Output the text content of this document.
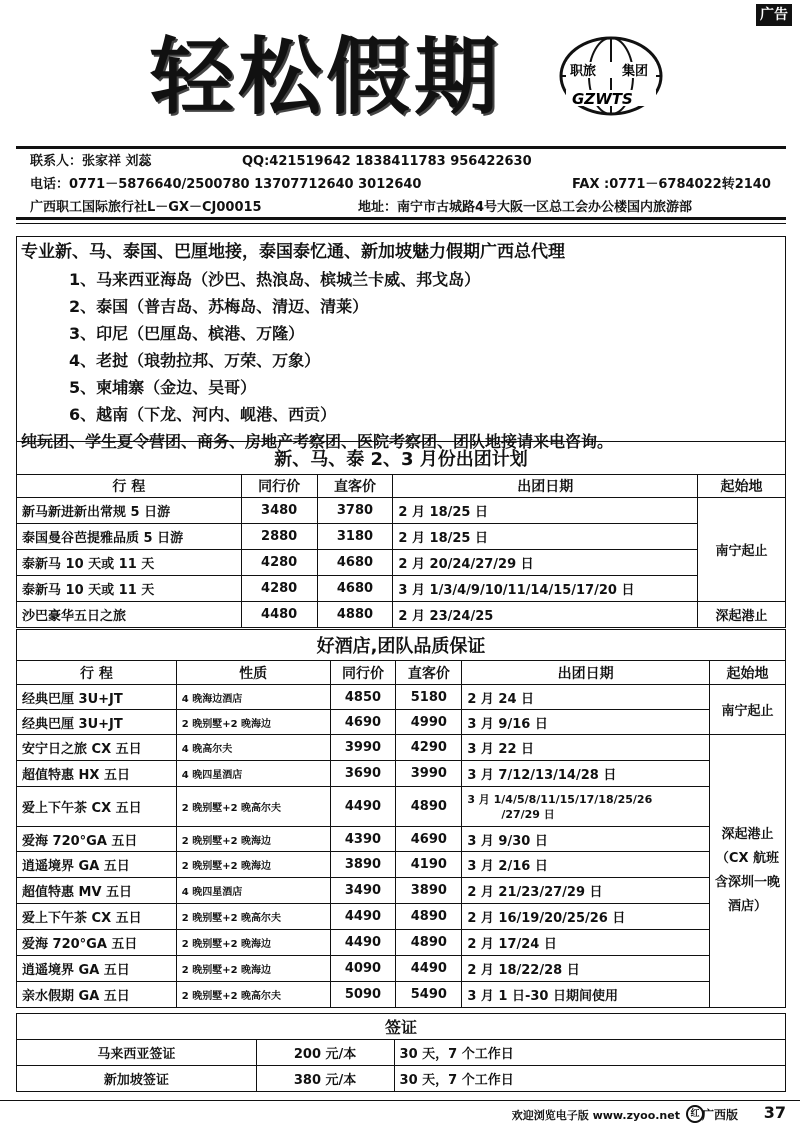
广告
轻松假期	职旅 集团
GZWTS
联系人：张家祥 刘蕊	QQ:421519642 1838411783 956422630
电话：0771－5876640/2500780 13707712640 3012640	FAX :0771－6784022转2140
广西职工国际旅行社L－GX－CJ00015	地址：南宁市古城路4号大阪一区总工会办公楼国内旅游部
专业新、马、泰国、巴厘地接，泰国泰忆通、新加坡魅力假期广西总代理
1、马来西亚海岛（沙巴、热浪岛、槟城兰卡威、邦戈岛）
2、泰国（普吉岛、苏梅岛、清迈、清莱）
3、印尼（巴厘岛、槟港、万隆）
4、老挝（琅勃拉邦、万荣、万象）
5、柬埔寨（金边、吴哥）
6、越南（下龙、河内、岘港、西贡）
纯玩团、学生夏令营团、商务、房地产考察团、医院考察团、团队地接请来电咨询。
新、马、泰 2、3 月份出团计划				
行 程	同行价	直客价	出团日期	起始地
新马新进新出常规 5 日游	3480	3780	2 月 18/25 日	南宁起止
泰国曼谷芭提雅品质 5 日游	2880	3180	2 月 18/25 日	
泰新马 10 天或 11 天	4280	4680	2 月 20/24/27/29 日	
泰新马 10 天或 11 天	4280	4680	3 月 1/3/4/9/10/11/14/15/17/20 日	
沙巴豪华五日之旅	4480	4880	2 月 23/24/25	深起港止
好酒店,团队品质保证					
行 程	性质	同行价	直客价	出团日期	起始地
经典巴厘 3U+JT	4 晚海边酒店	4850	5180	2 月 24 日	南宁起止
经典巴厘 3U+JT	2 晚别墅+2 晚海边	4690	4990	3 月 9/16 日	
安宁日之旅 CX 五日	4 晚高尔夫	3990	4290	3 月 22 日	深起港止
（CX 航班
含深圳一晚
酒店）

超值特惠 HX 五日	4 晚四星酒店	3690	3990	3 月 7/12/13/14/28 日	
爱上下午茶 CX 五日	2 晚别墅+2 晚高尔夫	4490	4890	3 月 1/4/5/8/11/15/17/18/25/26
/27/29 日	

爱海 720°GA 五日	2 晚别墅+2 晚海边	4390	4690	3 月 9/30 日	
逍遥境界 GA 五日	2 晚别墅+2 晚海边	3890	4190	3 月 2/16 日	
超值特惠 MV 五日	4 晚四星酒店	3490	3890	2 月 21/23/27/29 日	
爱上下午茶 CX 五日	2 晚别墅+2 晚高尔夫	4490	4890	2 月 16/19/20/25/26 日	
爱海 720°GA 五日	2 晚别墅+2 晚海边	4490	4890	2 月 17/24 日	
逍遥境界 GA 五日	2 晚别墅+2 晚海边	4090	4490	2 月 18/22/28 日	
亲水假期 GA 五日	2 晚别墅+2 晚高尔夫	5090	5490	3 月 1 日-30 日期间使用	
签证		
马来西亚签证	200 元/本	30 天，7 个工作日
新加坡签证	380 元/本	30 天，7 个工作日
欢迎浏览电子版 www.zyoo.net	红 广西版 37
